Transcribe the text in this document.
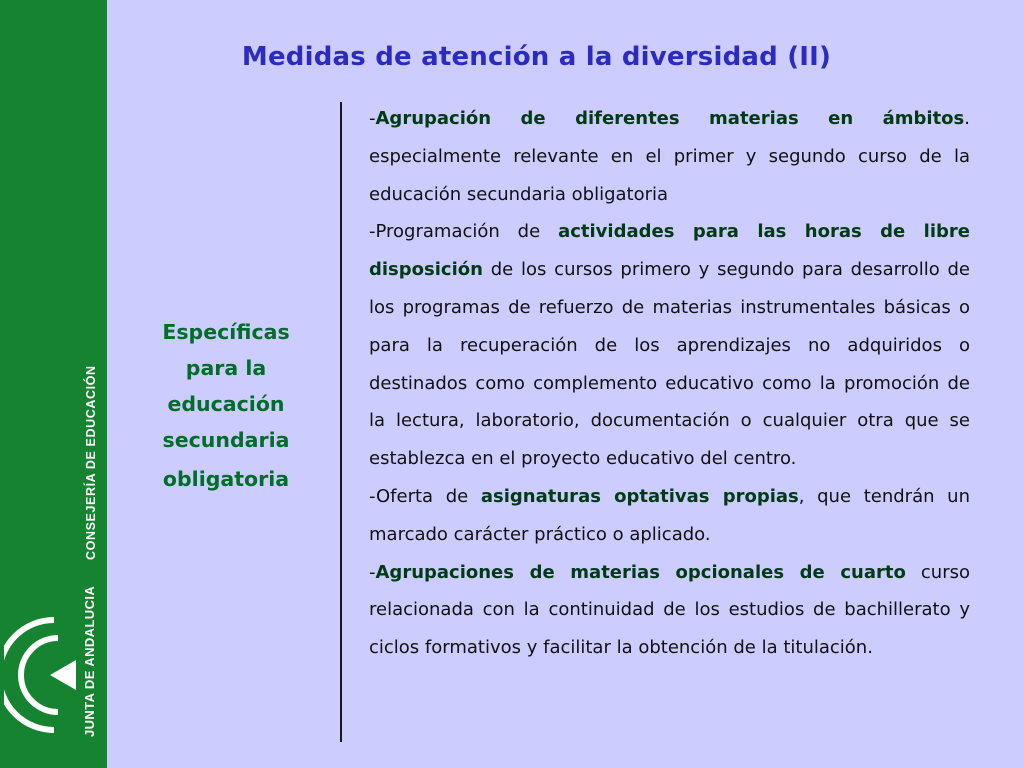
CONSEJERÍA DE EDUCACIÓN
JUNTA DE ANDALUCIA
Medidas de atención a la diversidad (II)
Específicas para la educación secundaria
obligatoria

-Agrupación de diferentes materias en ámbitos. especialmente relevante en el primer y segundo curso de la educación secundaria obligatoria

-Programación de actividades para las horas de libre disposición de los cursos primero y segundo para desarrollo de los programas de refuerzo de materias instrumentales básicas o para la recuperación de los aprendizajes no adquiridos o destinados como complemento educativo como la promoción de la lectura, laboratorio, documentación o cualquier otra que se establezca en el proyecto educativo del centro.

-Oferta de asignaturas optativas propias, que tendrán un marcado carácter práctico o aplicado.

-Agrupaciones de materias opcionales de cuarto curso relacionada con la continuidad de los estudios de bachillerato y ciclos formativos y facilitar la obtención de la titulación.
